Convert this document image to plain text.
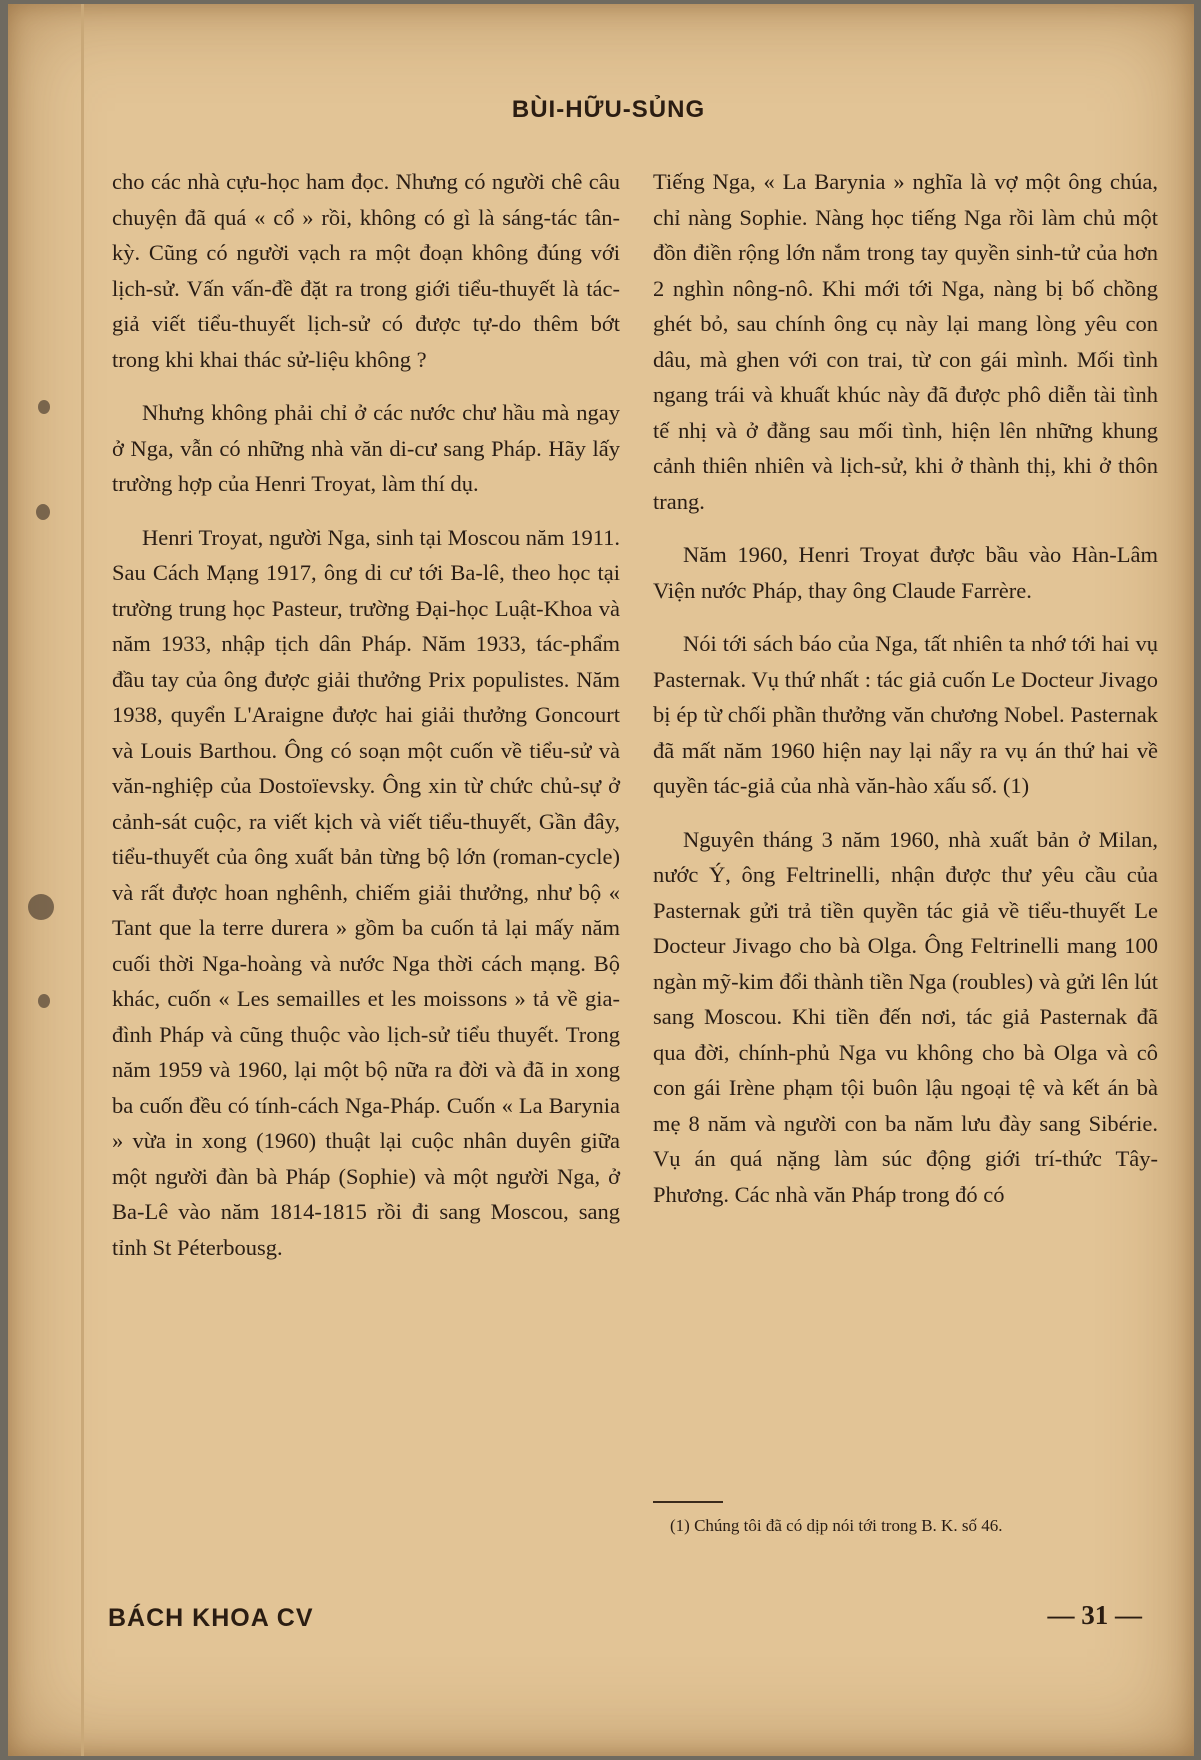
BÙI-HỮU-SỦNG

cho các nhà cựu-học ham đọc. Nhưng có người chê câu chuyện đã quá « cổ » rồi, không có gì là sáng-tác tân-kỳ. Cũng có người vạch ra một đoạn không đúng với lịch-sử. Vấn vấn-đề đặt ra trong giới tiểu-thuyết là tác-giả viết tiểu-thuyết lịch-sử có được tự-do thêm bớt trong khi khai thác sử-liệu không ?

Nhưng không phải chỉ ở các nước chư hầu mà ngay ở Nga, vẫn có những nhà văn di-cư sang Pháp. Hãy lấy trường hợp của Henri Troyat, làm thí dụ.

Henri Troyat, người Nga, sinh tại Moscou năm 1911. Sau Cách Mạng 1917, ông di cư tới Ba-lê, theo học tại trường trung học Pasteur, trường Đại-học Luật-Khoa và năm 1933, nhập tịch dân Pháp. Năm 1933, tác-phẩm đầu tay của ông được giải thưởng Prix populistes. Năm 1938, quyển L'Araigne được hai giải thưởng Goncourt và Louis Barthou. Ông có soạn một cuốn về tiểu-sử và văn-nghiệp của Dostoïevsky. Ông xin từ chức chủ-sự ở cảnh-sát cuộc, ra viết kịch và viết tiểu-thuyết, Gần đây, tiểu-thuyết của ông xuất bản từng bộ lớn (roman-cycle) và rất được hoan nghênh, chiếm giải thưởng, như bộ « Tant que la terre durera » gồm ba cuốn tả lại mấy năm cuối thời Nga-hoàng và nước Nga thời cách mạng. Bộ khác, cuốn « Les semailles et les moissons » tả về gia-đình Pháp và cũng thuộc vào lịch-sử tiểu thuyết. Trong năm 1959 và 1960, lại một bộ nữa ra đời và đã in xong ba cuốn đều có tính-cách Nga-Pháp. Cuốn « La Barynia » vừa in xong (1960) thuật lại cuộc nhân duyên giữa một người đàn bà Pháp (Sophie) và một người Nga, ở Ba-Lê vào năm 1814-1815 rồi đi sang Moscou, sang tỉnh St Péterbousg.

Tiếng Nga, « La Barynia » nghĩa là vợ một ông chúa, chỉ nàng Sophie. Nàng học tiếng Nga rồi làm chủ một đồn điền rộng lớn nắm trong tay quyền sinh-tử của hơn 2 nghìn nông-nô. Khi mới tới Nga, nàng bị bố chồng ghét bỏ, sau chính ông cụ này lại mang lòng yêu con dâu, mà ghen với con trai, từ con gái mình. Mối tình ngang trái và khuất khúc này đã được phô diễn tài tình tế nhị và ở đằng sau mối tình, hiện lên những khung cảnh thiên nhiên và lịch-sử, khi ở thành thị, khi ở thôn trang.

Năm 1960, Henri Troyat được bầu vào Hàn-Lâm Viện nước Pháp, thay ông Claude Farrère.

Nói tới sách báo của Nga, tất nhiên ta nhớ tới hai vụ Pasternak. Vụ thứ nhất : tác giả cuốn Le Docteur Jivago bị ép từ chối phần thưởng văn chương Nobel. Pasternak đã mất năm 1960 hiện nay lại nẩy ra vụ án thứ hai về quyền tác-giả của nhà văn-hào xấu số. (1)

Nguyên tháng 3 năm 1960, nhà xuất bản ở Milan, nước Ý, ông Feltrinelli, nhận được thư yêu cầu của Pasternak gửi trả tiền quyền tác giả về tiểu-thuyết Le Docteur Jivago cho bà Olga. Ông Feltrinelli mang 100 ngàn mỹ-kim đổi thành tiền Nga (roubles) và gửi lên lút sang Moscou. Khi tiền đến nơi, tác giả Pasternak đã qua đời, chính-phủ Nga vu không cho bà Olga và cô con gái Irène phạm tội buôn lậu ngoại tệ và kết án bà mẹ 8 năm và người con ba năm lưu đày sang Sibérie. Vụ án quá nặng làm súc động giới trí-thức Tây-Phương. Các nhà văn Pháp trong đó có

(1) Chúng tôi đã có dịp nói tới trong B. K. số 46.
BÁCH KHOA CV	— 31 —
